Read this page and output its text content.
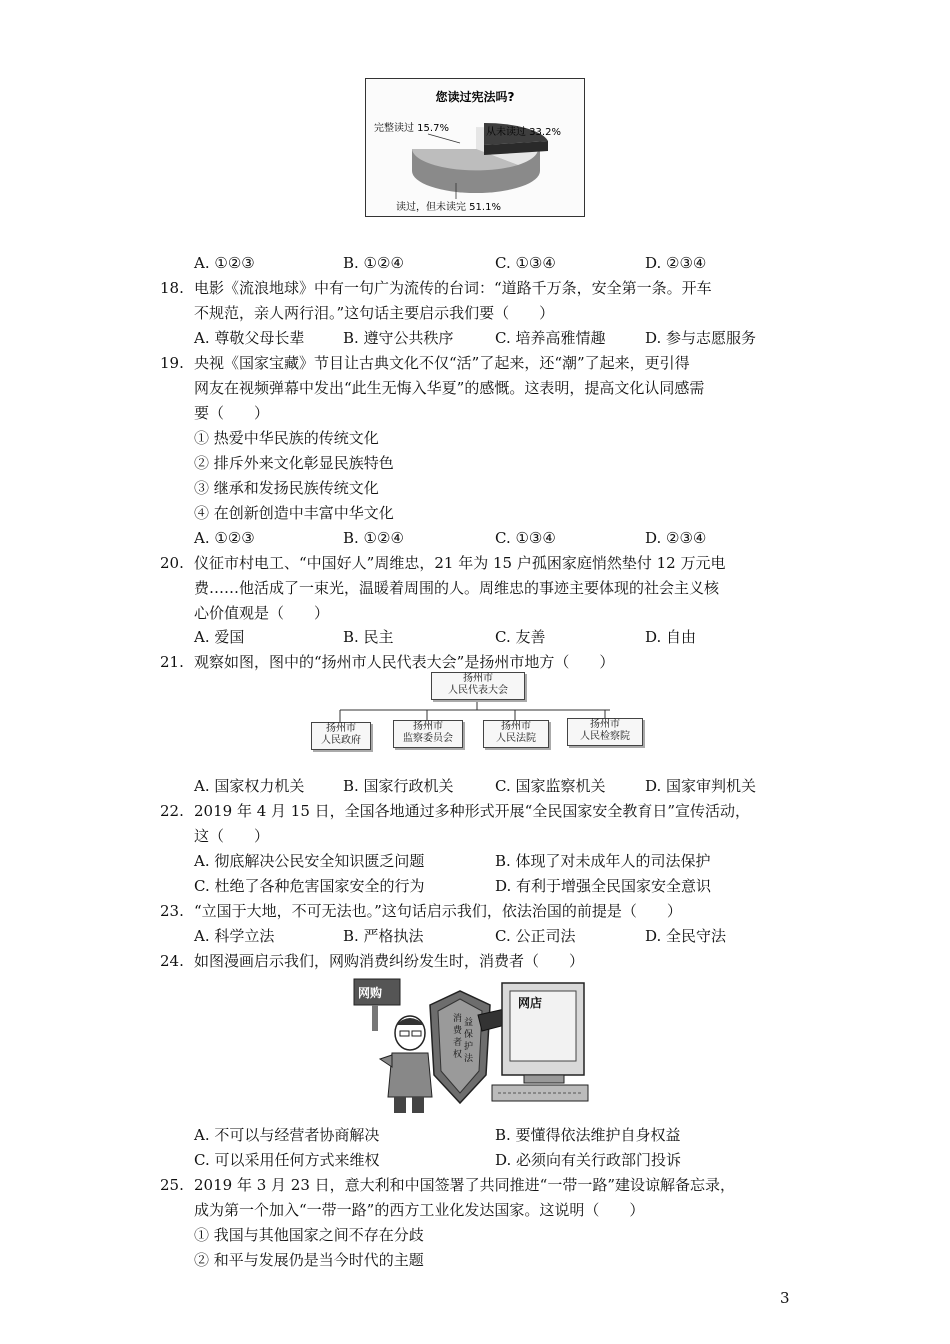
您读过宪法吗?
完整读过 15.7%	从未读过 33.2%
读过，但未读完 51.1%
A. ①②③	B. ①②④	C. ①③④	D. ②③④
18. 电影《流浪地球》中有一句广为流传的台词：“道路千万条，安全第一条。开车
不规范，亲人两行泪。”这句话主要启示我们要（　　）
A. 尊敬父母长辈	B. 遵守公共秩序	C. 培养高雅情趣	D. 参与志愿服务
19. 央视《国家宝藏》节目让古典文化不仅“活”了起来，还“潮”了起来，更引得
网友在视频弹幕中发出“此生无悔入华夏”的感慨。这表明，提高文化认同感需
要（　　）
① 热爱中华民族的传统文化
② 排斥外来文化彰显民族特色
③ 继承和发扬民族传统文化
④ 在创新创造中丰富中华文化
A. ①②③	B. ①②④	C. ①③④	D. ②③④
20. 仪征市村电工、“中国好人”周维忠，21 年为 15 户孤困家庭悄然垫付 12 万元电
费……他活成了一束光，温暖着周围的人。周维忠的事迹主要体现的社会主义核
心价值观是（　　）
A. 爱国	B. 民主	C. 友善	D. 自由
21. 观察如图，图中的“扬州市人民代表大会”是扬州市地方（　　）
扬州市
人民代表大会
扬州市
人民政府
扬州市
监察委员会
扬州市
人民法院
扬州市
人民检察院
A. 国家权力机关	B. 国家行政机关	C. 国家监察机关	D. 国家审判机关
22. 2019 年 4 月 15 日，全国各地通过多种形式开展“全民国家安全教育日”宣传活动，
这（　　）
A. 彻底解决公民安全知识匮乏问题	B. 体现了对未成年人的司法保护
C. 杜绝了各种危害国家安全的行为	D. 有利于增强全民国家安全意识
23. “立国于大地，不可无法也。”这句话启示我们，依法治国的前提是（　　）
A. 科学立法	B. 严格执法	C. 公正司法	D. 全民守法
24. 如图漫画启示我们，网购消费纠纷发生时，消费者（　　）
消费者权益保护法
网店
网购
A. 不可以与经营者协商解决	B. 要懂得依法维护自身权益
C. 可以采用任何方式来维权	D. 必须向有关行政部门投诉
25. 2019 年 3 月 23 日，意大利和中国签署了共同推进“一带一路”建设谅解备忘录，
成为第一个加入“一带一路”的西方工业化发达国家。这说明（　　）
① 我国与其他国家之间不存在分歧
② 和平与发展仍是当今时代的主题
3
